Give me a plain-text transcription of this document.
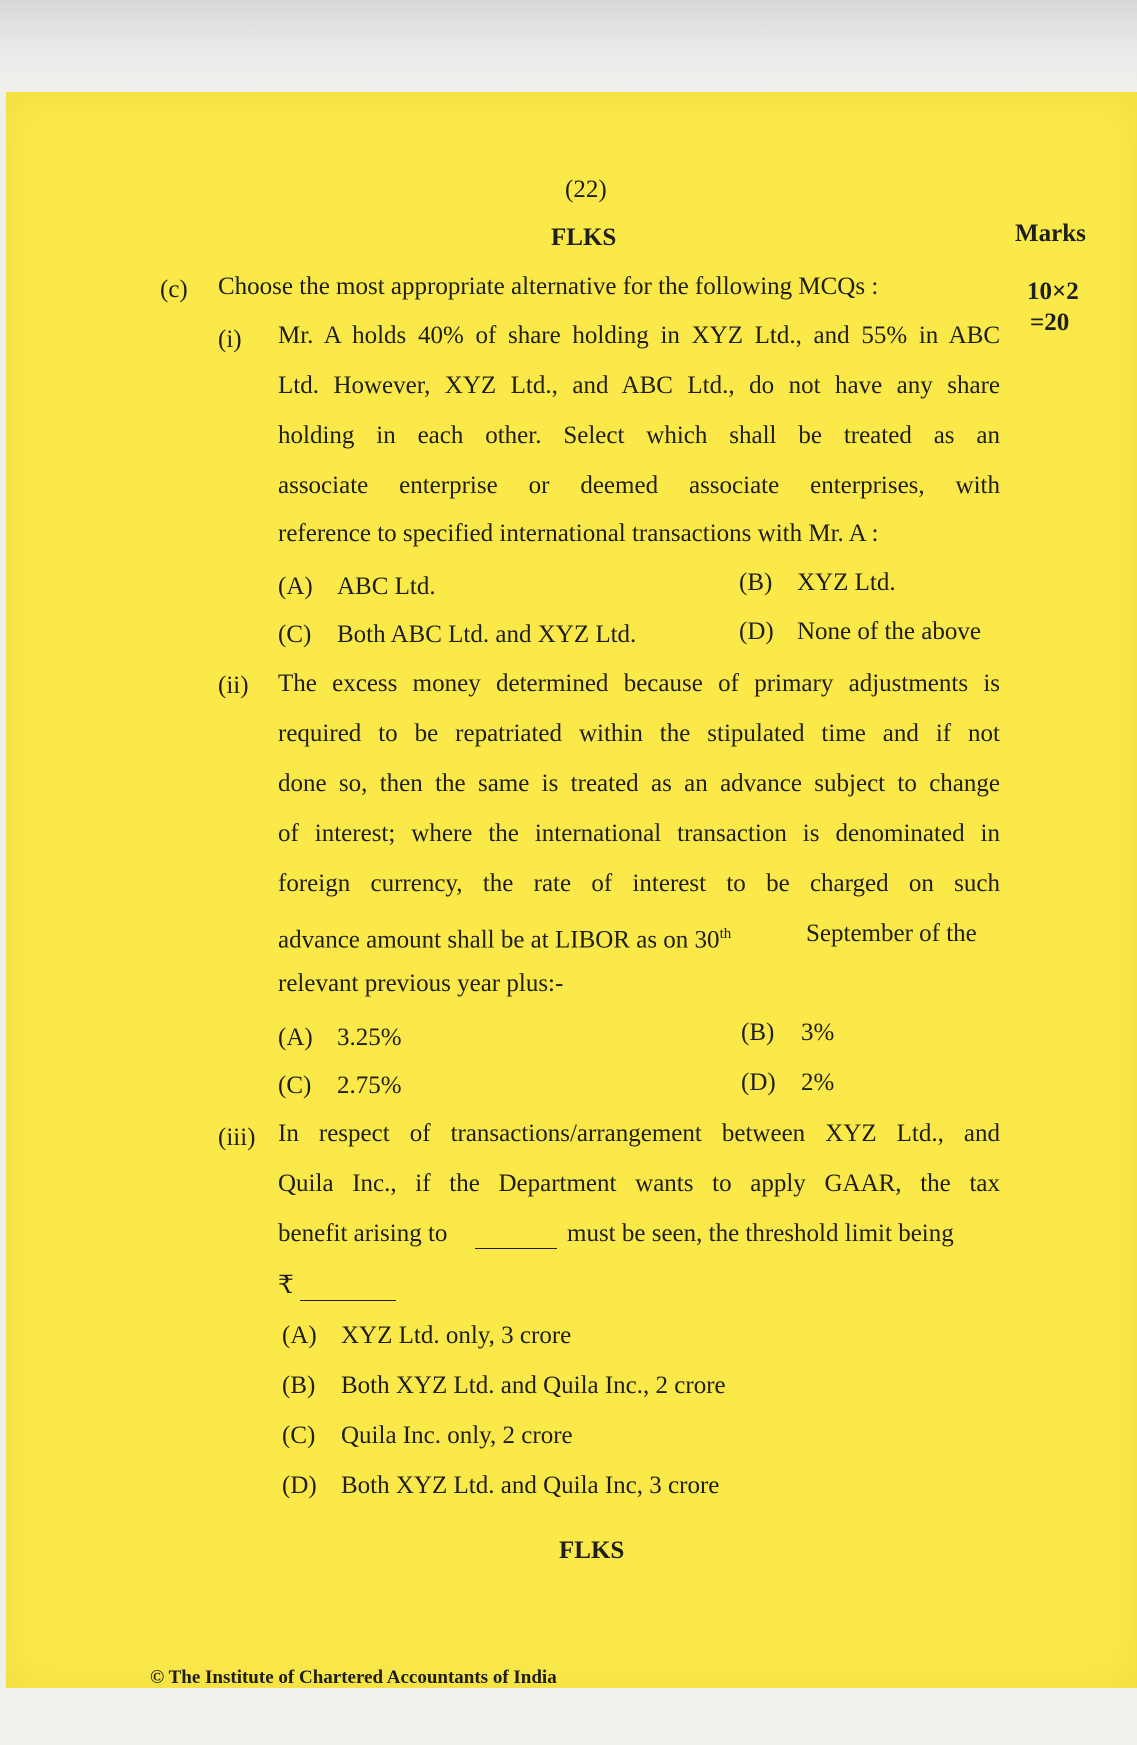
(22)
FLKS	Marks
(c) Choose the most appropriate alternative for the following MCQs :	10×2
=20
(i) Mr. A holds 40% of share holding in XYZ Ltd., and 55% in ABC
Ltd. However, XYZ Ltd., and ABC Ltd., do not have any share
holding in each other. Select which shall be treated as an
associate enterprise or deemed associate enterprises, with
reference to specified international transactions with Mr. A :
(A) ABC Ltd.	(B) XYZ Ltd.
(C) Both ABC Ltd. and XYZ Ltd.	(D) None of the above
(ii) The excess money determined because of primary adjustments is
required to be repatriated within the stipulated time and if not
done so, then the same is treated as an advance subject to change
of interest; where the international transaction is denominated in
foreign currency, the rate of interest to be charged on such
advance amount shall be at LIBOR as on 30th	September of the
relevant previous year plus:-
(A) 3.25%	(B) 3%
(C) 2.75%	(D) 2%
(iii) In respect of transactions/arrangement between XYZ Ltd., and
Quila Inc., if the Department wants to apply GAAR, the tax
benefit arising to	must be seen, the threshold limit being
₹
(A) XYZ Ltd. only, 3 crore
(B) Both XYZ Ltd. and Quila Inc., 2 crore
(C) Quila Inc. only, 2 crore
(D) Both XYZ Ltd. and Quila Inc, 3 crore
FLKS
© The Institute of Chartered Accountants of India
